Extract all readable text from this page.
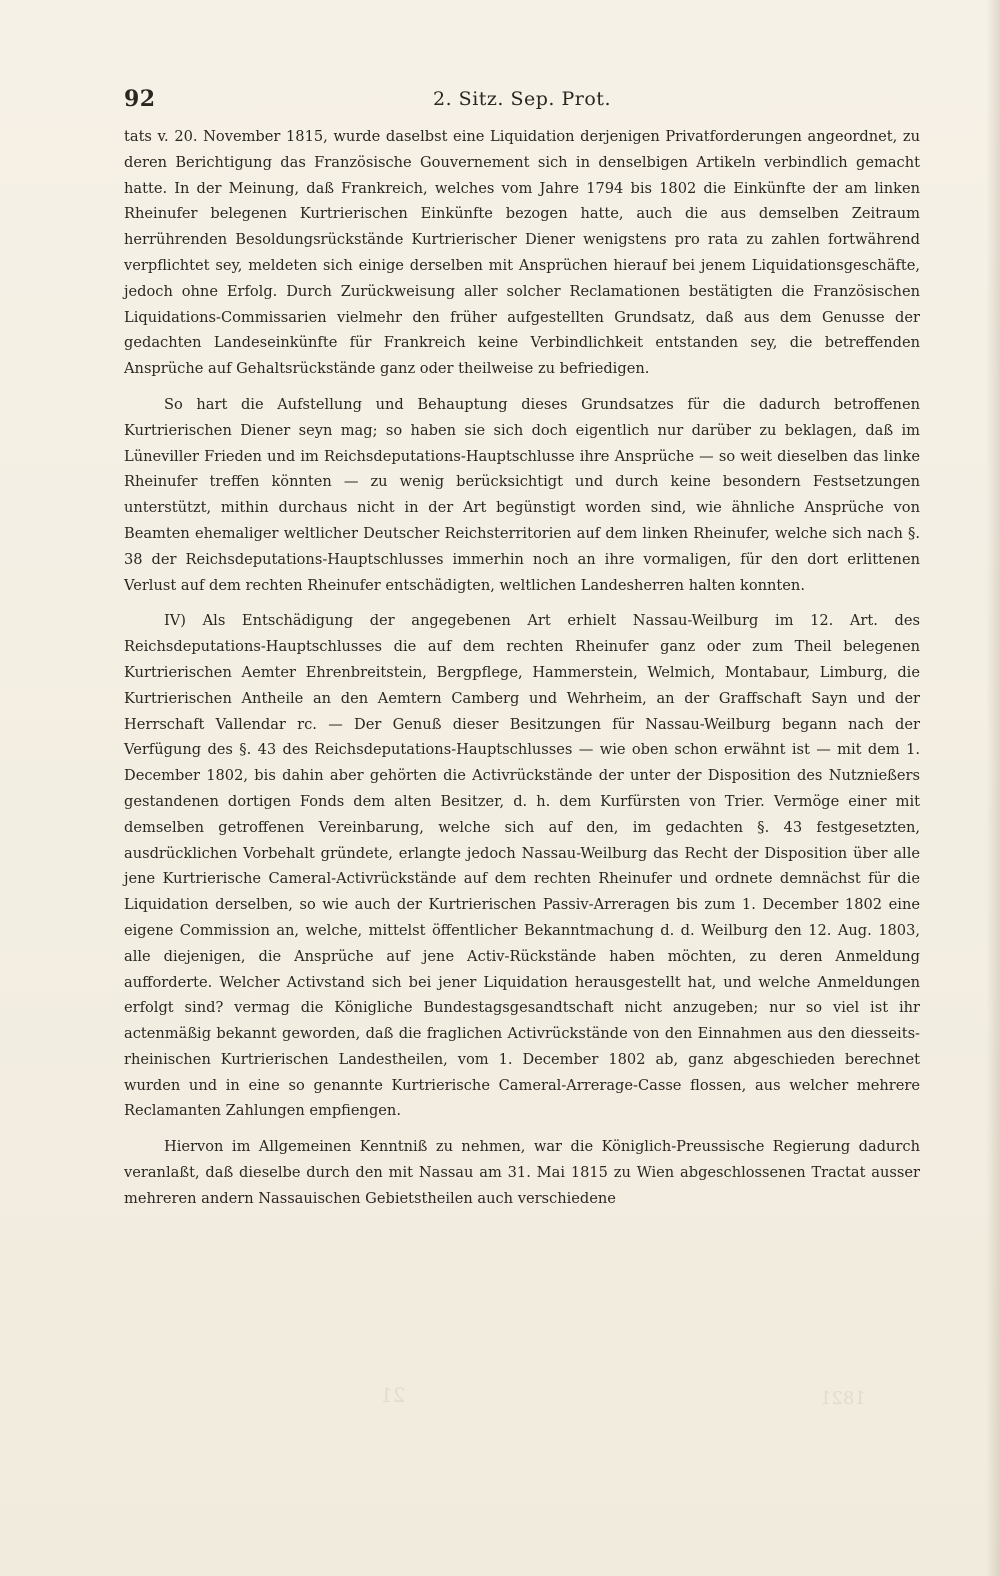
92	2. Sitz. Sep. Prot.

tats v. 20. November 1815, wurde daselbst eine Liquidation derjenigen Privatforderungen angeordnet, zu deren Berichtigung das Französische Gouvernement sich in denselbigen Artikeln verbindlich gemacht hatte. In der Meinung, daß Frankreich, welches vom Jahre 1794 bis 1802 die Einkünfte der am linken Rheinufer belegenen Kurtrierischen Einkünfte bezogen hatte, auch die aus demselben Zeitraum herrührenden Besoldungsrückstände Kurtrierischer Diener wenigstens pro rata zu zahlen fortwährend verpflichtet sey, meldeten sich einige derselben mit Ansprüchen hierauf bei jenem Liquidationsgeschäfte, jedoch ohne Erfolg. Durch Zurückweisung aller solcher Reclamationen bestätigten die Französischen Liquidations-Commissarien vielmehr den früher aufgestellten Grundsatz, daß aus dem Genusse der gedachten Landeseinkünfte für Frankreich keine Verbindlichkeit entstanden sey, die betreffenden Ansprüche auf Gehaltsrückstände ganz oder theilweise zu befriedigen.

So hart die Aufstellung und Behauptung dieses Grundsatzes für die dadurch betroffenen Kurtrierischen Diener seyn mag; so haben sie sich doch eigentlich nur darüber zu beklagen, daß im Lüneviller Frieden und im Reichsdeputations-Hauptschlusse ihre Ansprüche — so weit dieselben das linke Rheinufer treffen könnten — zu wenig berücksichtigt und durch keine besondern Festsetzungen unterstützt, mithin durchaus nicht in der Art begünstigt worden sind, wie ähnliche Ansprüche von Beamten ehemaliger weltlicher Deutscher Reichsterritorien auf dem linken Rheinufer, welche sich nach §. 38 der Reichsdeputations-Hauptschlusses immerhin noch an ihre vormaligen, für den dort erlittenen Verlust auf dem rechten Rheinufer entschädigten, weltlichen Landesherren halten konnten.

IV) Als Entschädigung der angegebenen Art erhielt Nassau-Weilburg im 12. Art. des Reichsdeputations-Hauptschlusses die auf dem rechten Rheinufer ganz oder zum Theil belegenen Kurtrierischen Aemter Ehrenbreitstein, Bergpflege, Hammerstein, Welmich, Montabaur, Limburg, die Kurtrierischen Antheile an den Aemtern Camberg und Wehrheim, an der Graffschaft Sayn und der Herrschaft Vallendar rc. — Der Genuß dieser Besitzungen für Nassau-Weilburg begann nach der Verfügung des §. 43 des Reichsdeputations-Hauptschlusses — wie oben schon erwähnt ist — mit dem 1. December 1802, bis dahin aber gehörten die Activrückstände der unter der Disposition des Nutznießers gestandenen dortigen Fonds dem alten Besitzer, d. h. dem Kurfürsten von Trier. Vermöge einer mit demselben getroffenen Vereinbarung, welche sich auf den, im gedachten §. 43 festgesetzten, ausdrücklichen Vorbehalt gründete, erlangte jedoch Nassau-Weilburg das Recht der Disposition über alle jene Kurtrierische Cameral-Activrückstände auf dem rechten Rheinufer und ordnete demnächst für die Liquidation derselben, so wie auch der Kurtrierischen Passiv-Arreragen bis zum 1. December 1802 eine eigene Commission an, welche, mittelst öffentlicher Bekanntmachung d. d. Weilburg den 12. Aug. 1803, alle diejenigen, die Ansprüche auf jene Activ-Rückstände haben möchten, zu deren Anmeldung aufforderte. Welcher Activstand sich bei jener Liquidation herausgestellt hat, und welche Anmeldungen erfolgt sind? vermag die Königliche Bundestagsgesandtschaft nicht anzugeben; nur so viel ist ihr actenmäßig bekannt geworden, daß die fraglichen Activrückstände von den Einnahmen aus den diesseits-rheinischen Kurtrierischen Landestheilen, vom 1. December 1802 ab, ganz abgeschieden berechnet wurden und in eine so genannte Kurtrierische Cameral-Arrerage-Casse flossen, aus welcher mehrere Reclamanten Zahlungen empfiengen.

Hiervon im Allgemeinen Kenntniß zu nehmen, war die Königlich-Preussische Regierung dadurch veranlaßt, daß dieselbe durch den mit Nassau am 31. Mai 1815 zu Wien abgeschlossenen Tractat ausser mehreren andern Nassauischen Gebietstheilen auch verschiedene

21	1821
